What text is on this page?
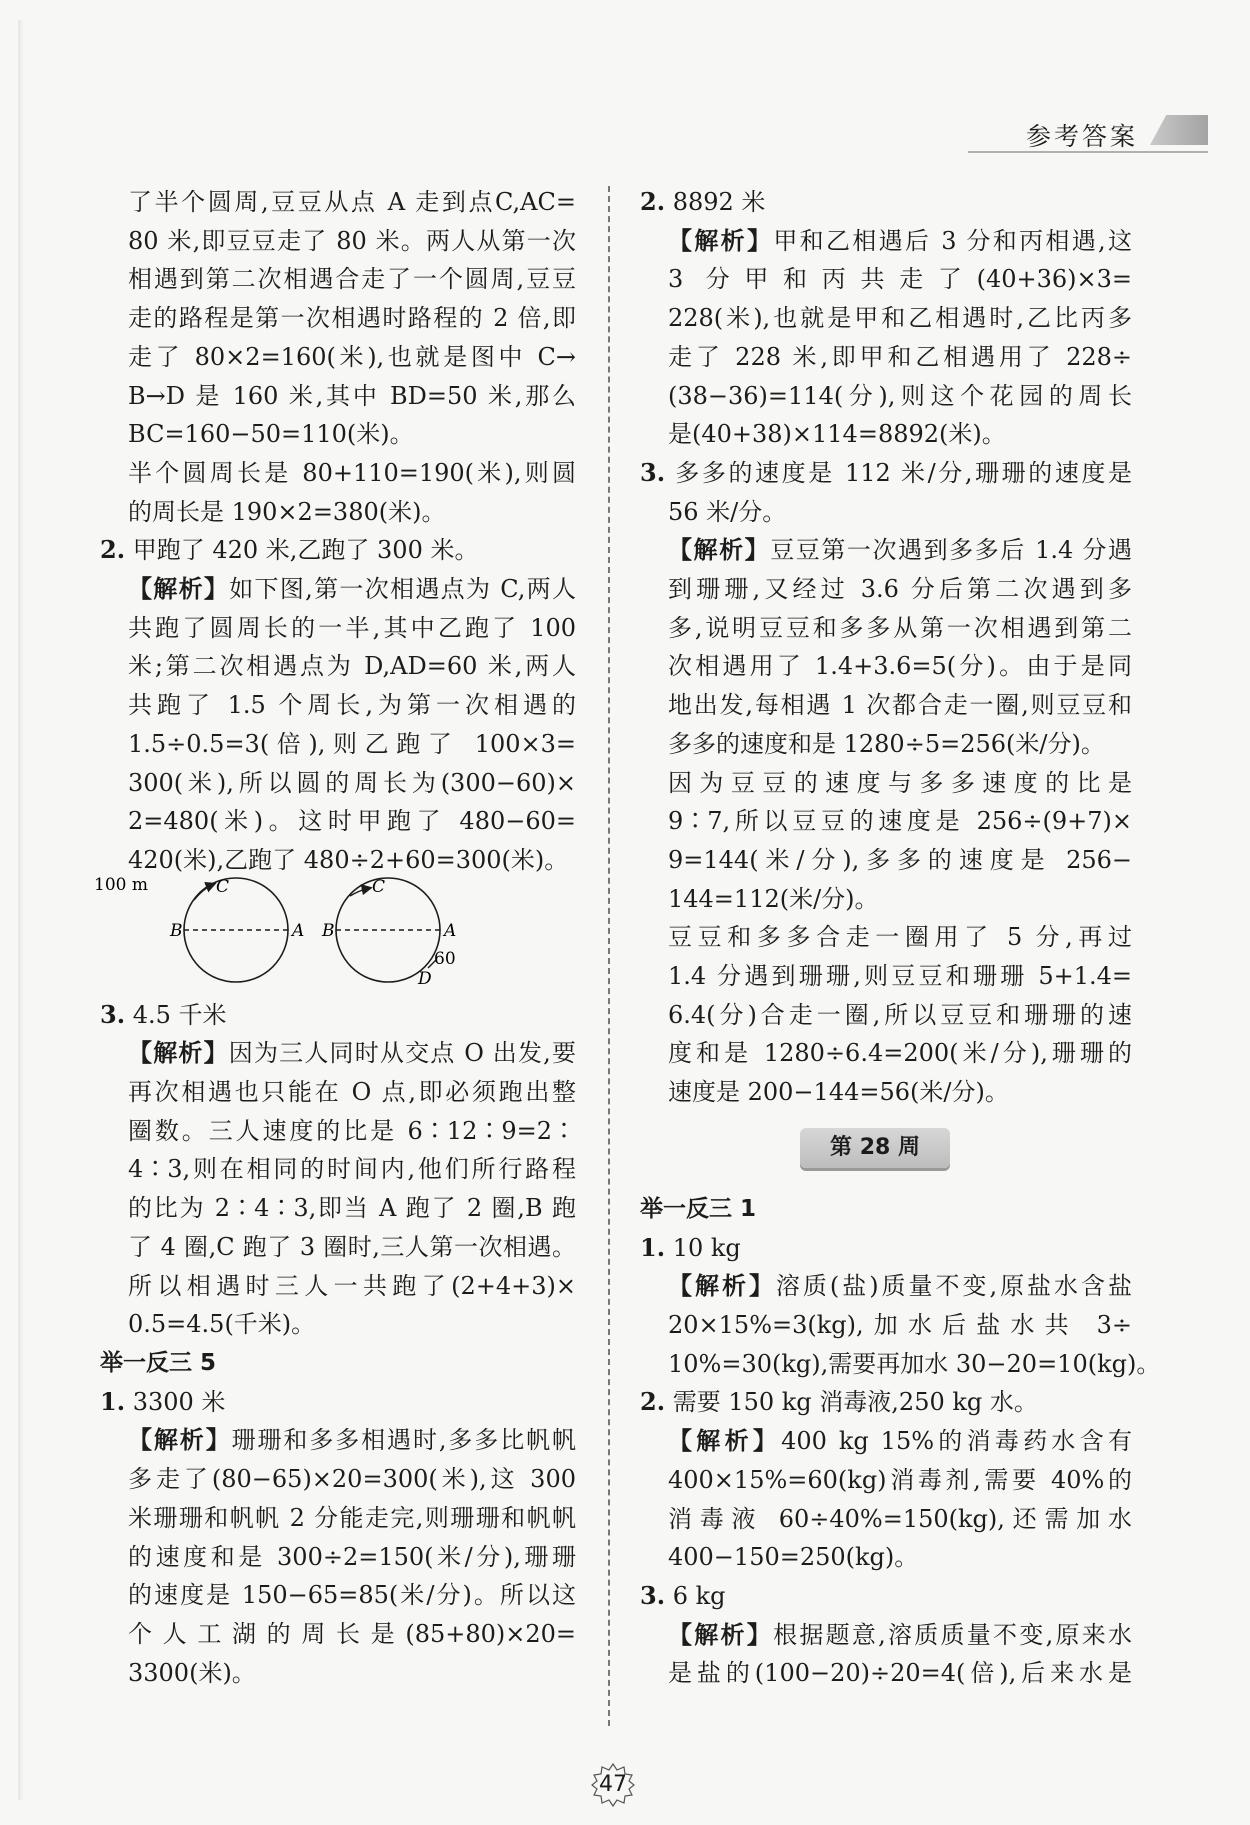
参考答案
了半个圆周,豆豆从点 A 走到点C,AC=
80 米,即豆豆走了 80 米。两人从第一次
相遇到第二次相遇合走了一个圆周,豆豆
走的路程是第一次相遇时路程的 2 倍,即
走了 80×2=160(米),也就是图中 C→
B→D 是 160 米,其中 BD=50 米,那么
BC=160−50=110(米)。
半个圆周长是 80+110=190(米),则圆
的周长是 190×2=380(米)。
2. 甲跑了 420 米,乙跑了 300 米。
【解析】如下图,第一次相遇点为 C,两人
共跑了圆周长的一半,其中乙跑了 100
米;第二次相遇点为 D,AD=60 米,两人
共跑了 1.5 个周长,为第一次相遇的
1.5÷0.5=3(倍),则乙跑了 100×3=
300(米),所以圆的周长为(300−60)×
2=480(米)。这时甲跑了 480−60=
420(米),乙跑了 480÷2+60=300(米)。
100 m	C
B	A
C
B	A
60
D
3. 4.5 千米
【解析】因为三人同时从交点 O 出发,要
再次相遇也只能在 O 点,即必须跑出整
圈数。三人速度的比是 6∶12∶9=2∶
4∶3,则在相同的时间内,他们所行路程
的比为 2∶4∶3,即当 A 跑了 2 圈,B 跑
了 4 圈,C 跑了 3 圈时,三人第一次相遇。
所以相遇时三人一共跑了(2+4+3)×
0.5=4.5(千米)。
举一反三 5
1. 3300 米
【解析】珊珊和多多相遇时,多多比帆帆
多走了(80−65)×20=300(米),这 300
米珊珊和帆帆 2 分能走完,则珊珊和帆帆
的速度和是 300÷2=150(米/分),珊珊
的速度是 150−65=85(米/分)。所以这
个人工湖的周长是(85+80)×20=
3300(米)。
2. 8892 米
【解析】甲和乙相遇后 3 分和丙相遇,这
3 分甲和丙共走了(40+36)×3=
228(米),也就是甲和乙相遇时,乙比丙多
走了 228 米,即甲和乙相遇用了 228÷
(38−36)=114(分),则这个花园的周长
是(40+38)×114=8892(米)。
3. 多多的速度是 112 米/分,珊珊的速度是
56 米/分。
【解析】豆豆第一次遇到多多后 1.4 分遇
到珊珊,又经过 3.6 分后第二次遇到多
多,说明豆豆和多多从第一次相遇到第二
次相遇用了 1.4+3.6=5(分)。由于是同
地出发,每相遇 1 次都合走一圈,则豆豆和
多多的速度和是 1280÷5=256(米/分)。
因为豆豆的速度与多多速度的比是
9∶7,所以豆豆的速度是 256÷(9+7)×
9=144(米/分),多多的速度是 256−
144=112(米/分)。
豆豆和多多合走一圈用了 5 分,再过
1.4 分遇到珊珊,则豆豆和珊珊 5+1.4=
6.4(分)合走一圈,所以豆豆和珊珊的速
度和是 1280÷6.4=200(米/分),珊珊的
速度是 200−144=56(米/分)。
第 28 周
举一反三 1
1. 10 kg
【解析】溶质(盐)质量不变,原盐水含盐
20×15%=3(kg),加水后盐水共 3÷
10%=30(kg),需要再加水 30−20=10(kg)。
2. 需要 150 kg 消毒液,250 kg 水。
【解析】400 kg 15%的消毒药水含有
400×15%=60(kg)消毒剂,需要 40%的
消毒液 60÷40%=150(kg),还需加水
400−150=250(kg)。
3. 6 kg
【解析】根据题意,溶质质量不变,原来水
是盐的(100−20)÷20=4(倍),后来水是
47
